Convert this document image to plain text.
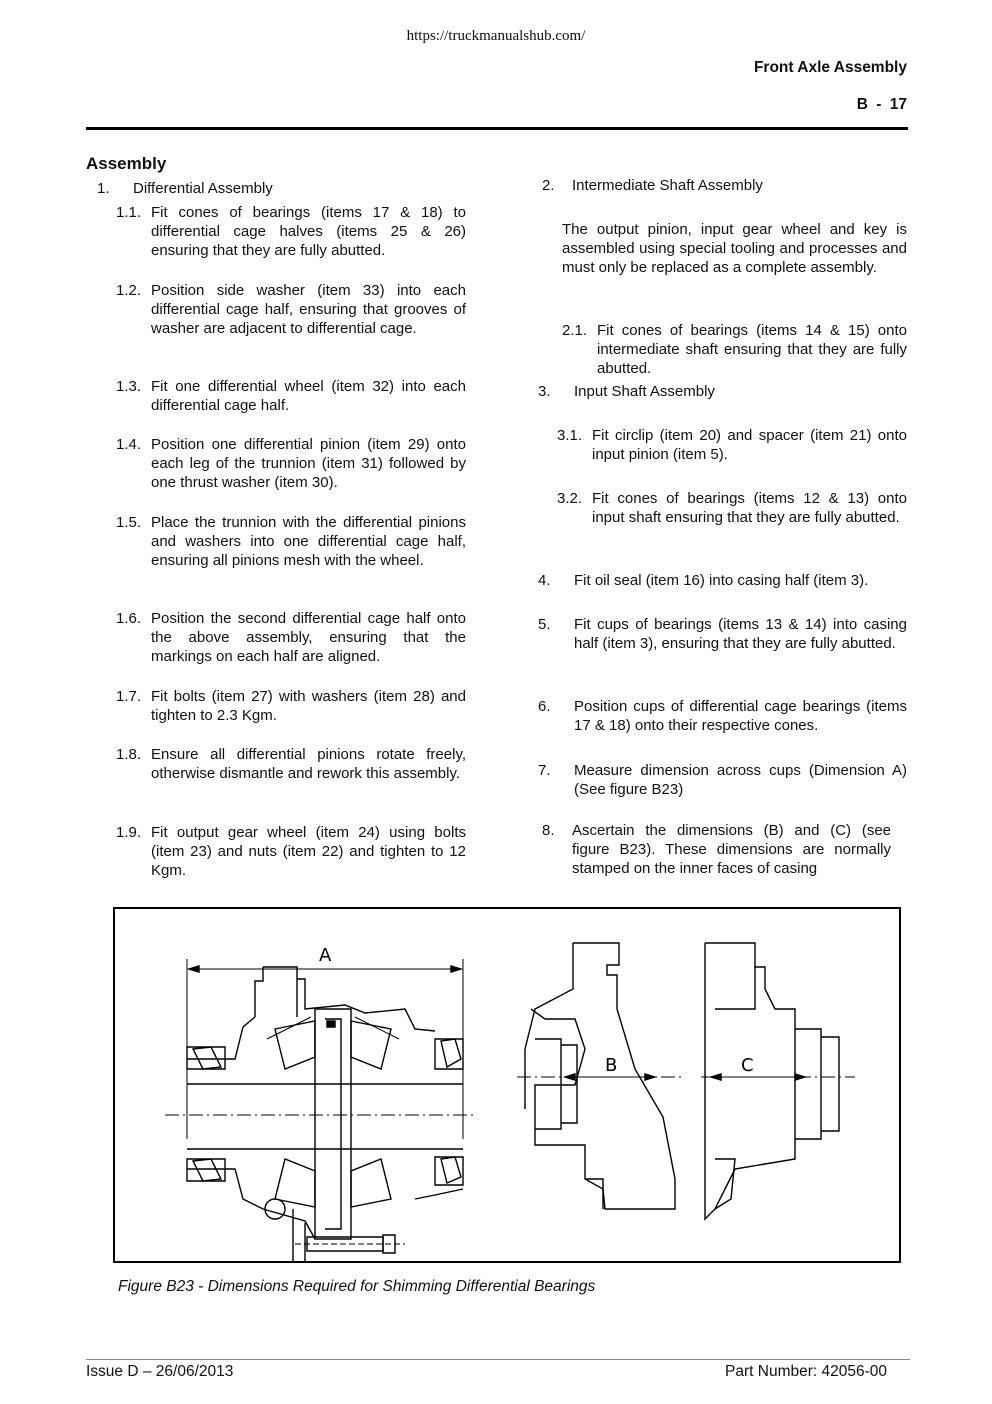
https://truckmanualshub.com/
Front Axle Assembly
B - 17
Assembly
1.	Differential Assembly
1.1. Fit cones of bearings (items 17 & 18) to differential cage halves (items 25 & 26) ensuring that they are fully abutted.
1.2. Position side washer (item 33) into each differential cage half, ensuring that grooves of washer are adjacent to differential cage.
1.3. Fit one differential wheel (item 32) into each differential cage half.
1.4. Position one differential pinion (item 29) onto each leg of the trunnion (item 31) followed by one thrust washer (item 30).
1.5. Place the trunnion with the differential pinions and washers into one differential cage half, ensuring all pinions mesh with the wheel.
1.6. Position the second differential cage half onto the above assembly, ensuring that the markings on each half are aligned.
1.7. Fit bolts (item 27) with washers (item 28) and tighten to 2.3 Kgm.
1.8. Ensure all differential pinions rotate freely, otherwise dismantle and rework this assembly.
1.9. Fit output gear wheel (item 24) using bolts (item 23) and nuts (item 22) and tighten to 12 Kgm.
2.	Intermediate Shaft Assembly
The output pinion, input gear wheel and key is assembled using special tooling and processes and must only be replaced as a complete assembly.
2.1. Fit cones of bearings (items 14 & 15) onto intermediate shaft ensuring that they are fully abutted.
3.	Input Shaft Assembly
3.1. Fit circlip (item 20) and spacer (item 21) onto input pinion (item 5).
3.2. Fit cones of bearings (items 12 & 13) onto input shaft ensuring that they are fully abutted.
4.	Fit oil seal (item 16) into casing half (item 3).
5.	Fit cups of bearings (items 13 & 14) into casing half (item 3), ensuring that they are fully abutted.
6.	Position cups of differential cage bearings (items 17 & 18) onto their respective cones.
7.	Measure dimension across cups (Dimension A) (See figure B23)
8.	Ascertain the dimensions (B) and (C) (see figure B23). These dimensions are normally stamped on the inner faces of casing
A
B	C
Figure B23 - Dimensions Required for Shimming Differential Bearings
Issue D – 26/06/2013	Part Number: 42056-00
